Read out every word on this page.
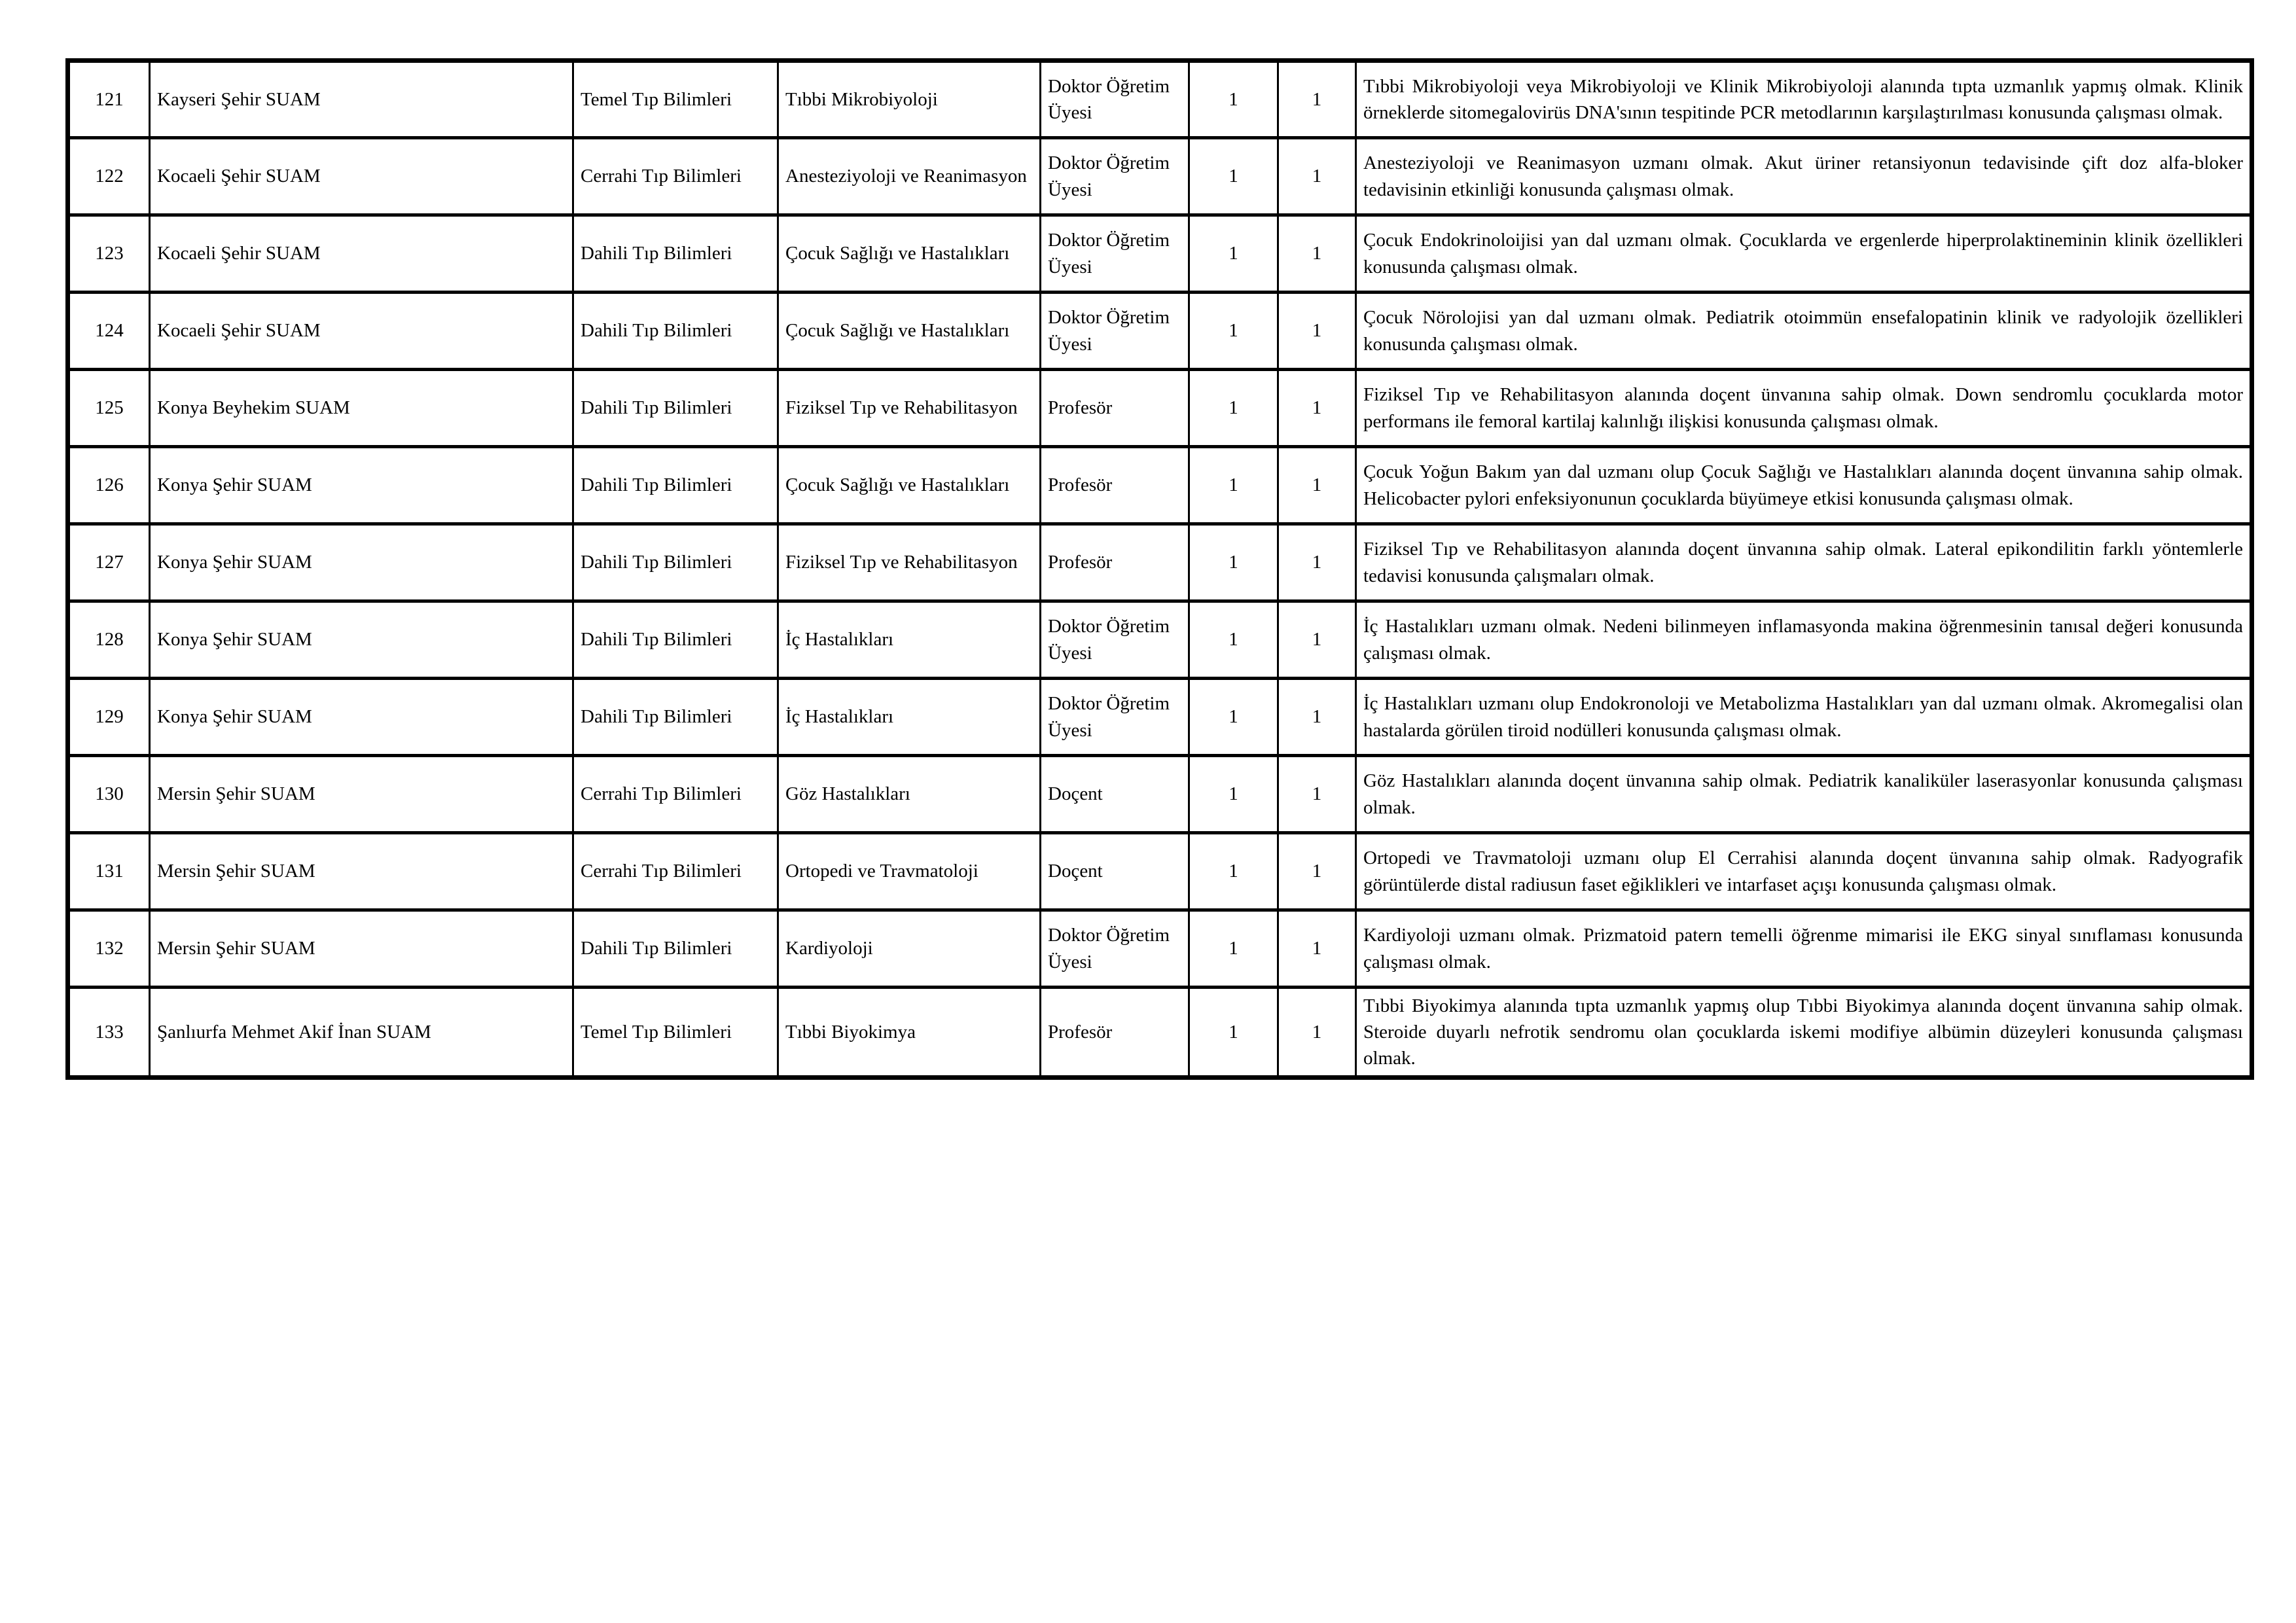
121	Kayseri Şehir SUAM	Temel Tıp Bilimleri	Tıbbi Mikrobiyoloji	Doktor Öğretim Üyesi	1	1	Tıbbi Mikrobiyoloji veya Mikrobiyoloji ve Klinik Mikrobiyoloji alanında tıpta uzmanlık yapmış olmak. Klinik örneklerde sitomegalovirüs DNA'sının tespitinde PCR metodlarının karşılaştırılması konusunda çalışması olmak.
122	Kocaeli Şehir SUAM	Cerrahi Tıp Bilimleri	Anesteziyoloji ve Reanimasyon	Doktor Öğretim Üyesi	1	1	Anesteziyoloji ve Reanimasyon uzmanı olmak. Akut üriner retansiyonun tedavisinde çift doz alfa-bloker tedavisinin etkinliği konusunda çalışması olmak.
123	Kocaeli Şehir SUAM	Dahili Tıp Bilimleri	Çocuk Sağlığı ve Hastalıkları	Doktor Öğretim Üyesi	1	1	Çocuk Endokrinoloijisi yan dal uzmanı olmak. Çocuklarda ve ergenlerde hiperprolaktineminin klinik özellikleri konusunda çalışması olmak.
124	Kocaeli Şehir SUAM	Dahili Tıp Bilimleri	Çocuk Sağlığı ve Hastalıkları	Doktor Öğretim Üyesi	1	1	Çocuk Nörolojisi yan dal uzmanı olmak. Pediatrik otoimmün ensefalopatinin klinik ve radyolojik özellikleri konusunda çalışması olmak.
125	Konya Beyhekim SUAM	Dahili Tıp Bilimleri	Fiziksel Tıp ve Rehabilitasyon	Profesör	1	1	Fiziksel Tıp ve Rehabilitasyon alanında doçent ünvanına sahip olmak. Down sendromlu çocuklarda motor performans ile femoral kartilaj kalınlığı ilişkisi konusunda çalışması olmak.
126	Konya Şehir SUAM	Dahili Tıp Bilimleri	Çocuk Sağlığı ve Hastalıkları	Profesör	1	1	Çocuk Yoğun Bakım yan dal uzmanı olup Çocuk Sağlığı ve Hastalıkları alanında doçent ünvanına sahip olmak. Helicobacter pylori enfeksiyonunun çocuklarda büyümeye etkisi konusunda çalışması olmak.
127	Konya Şehir SUAM	Dahili Tıp Bilimleri	Fiziksel Tıp ve Rehabilitasyon	Profesör	1	1	Fiziksel Tıp ve Rehabilitasyon alanında doçent ünvanına sahip olmak. Lateral epikondilitin farklı yöntemlerle tedavisi konusunda çalışmaları olmak.
128	Konya Şehir SUAM	Dahili Tıp Bilimleri	İç Hastalıkları	Doktor Öğretim Üyesi	1	1	İç Hastalıkları uzmanı olmak. Nedeni bilinmeyen inflamasyonda makina öğrenmesinin tanısal değeri konusunda çalışması olmak.
129	Konya Şehir SUAM	Dahili Tıp Bilimleri	İç Hastalıkları	Doktor Öğretim Üyesi	1	1	İç Hastalıkları uzmanı olup Endokronoloji ve Metabolizma Hastalıkları yan dal uzmanı olmak. Akromegalisi olan hastalarda görülen tiroid nodülleri konusunda çalışması olmak.
130	Mersin Şehir SUAM	Cerrahi Tıp Bilimleri	Göz Hastalıkları	Doçent	1	1	Göz Hastalıkları alanında doçent ünvanına sahip olmak. Pediatrik kanaliküler laserasyonlar konusunda çalışması olmak.
131	Mersin Şehir SUAM	Cerrahi Tıp Bilimleri	Ortopedi ve Travmatoloji	Doçent	1	1	Ortopedi ve Travmatoloji uzmanı olup El Cerrahisi alanında doçent ünvanına sahip olmak. Radyografik görüntülerde distal radiusun faset eğiklikleri ve intarfaset açışı konusunda çalışması olmak.
132	Mersin Şehir SUAM	Dahili Tıp Bilimleri	Kardiyoloji	Doktor Öğretim Üyesi	1	1	Kardiyoloji uzmanı olmak. Prizmatoid patern temelli öğrenme mimarisi ile EKG sinyal sınıflaması konusunda çalışması olmak.
133	Şanlıurfa Mehmet Akif İnan SUAM	Temel Tıp Bilimleri	Tıbbi Biyokimya	Profesör	1	1	Tıbbi Biyokimya alanında tıpta uzmanlık yapmış olup Tıbbi Biyokimya alanında doçent ünvanına sahip olmak. Steroide duyarlı nefrotik sendromu olan çocuklarda iskemi modifiye albümin düzeyleri konusunda çalışması olmak.
